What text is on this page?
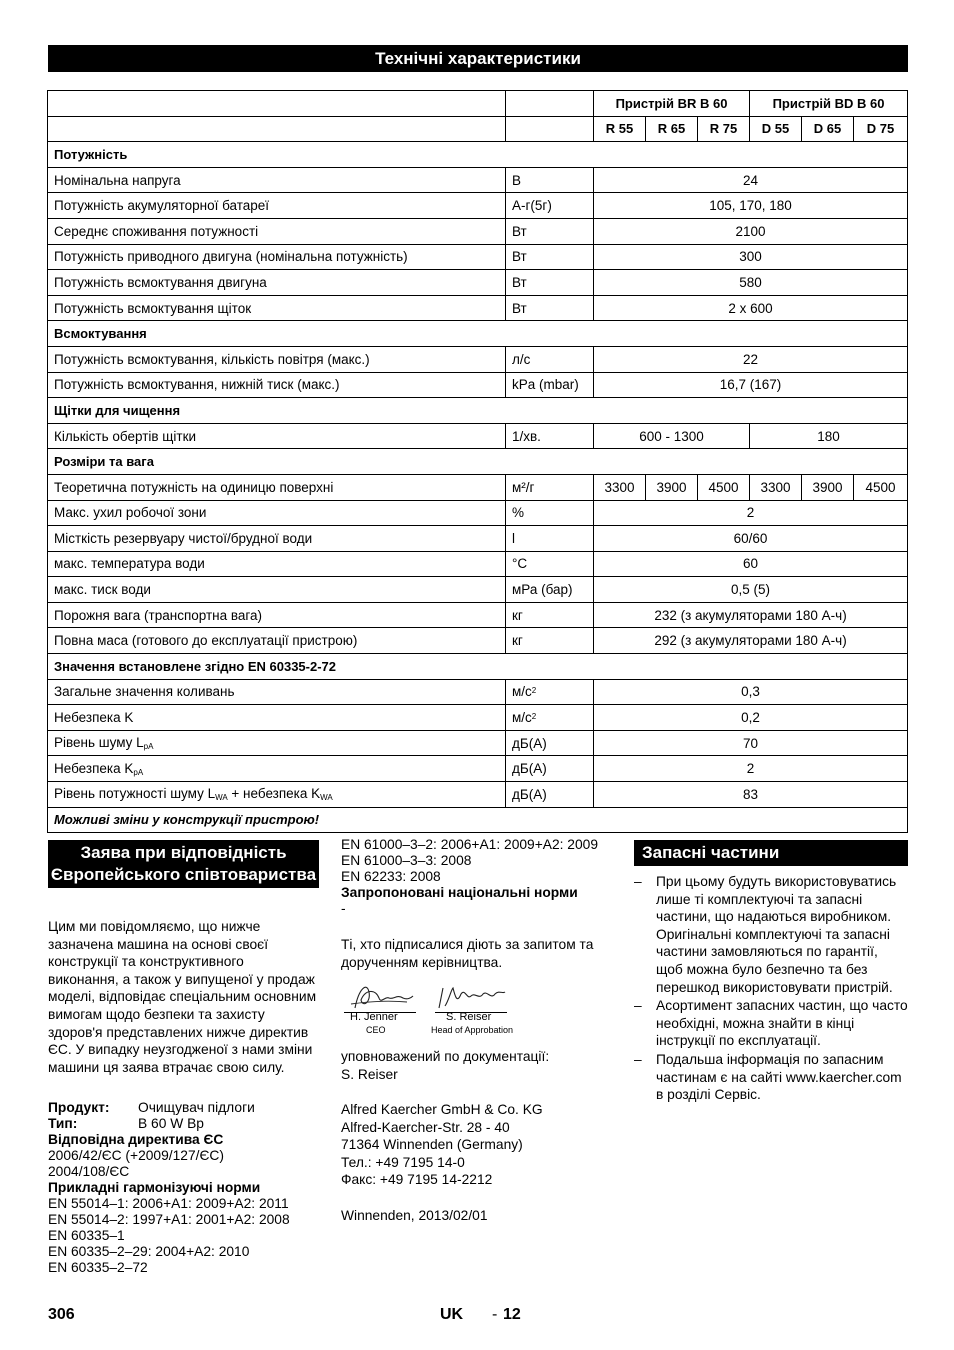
Технічні характеристики
		Пристрій BR B 60			Пристрій BD B 60		
		R 55	R 65	R 75	D 55	D 65	D 75
Потужність							
Номінальна напруга	В	24					
Потужність акумуляторної батареї	А-г(5г)	105, 170, 180					
Середнє споживання потужності	Вт	2100					
Потужність приводного двигуна (номінальна потужність)	Вт	300					
Потужність всмоктування двигуна	Вт	580					
Потужність всмоктування щіток	Вт	2 x 600					
Всмоктування							
Потужність всмоктування, кількість повітря (макс.)	л/с	22					
Потужність всмоктування, нижній тиск (макс.)	kPa (mbar)	16,7 (167)					
Щітки для чищення							
Кількість обертів щітки	1/хв.	600 - 1300			180		
Розміри та вага							
Теоретична потужність на одиницю поверхні	м²/г	3300	3900	4500	3300	3900	4500
Макс. ухил робочої зони	%	2					
Місткість резервуару чистої/брудної води	l	60/60					
макс. температура води	°C	60					
макс. тиск води	мРа (бар)	0,5 (5)					
Порожня вага (транспортна вага)	кг	232 (з акумуляторами 180 А-ч)					
Повна маса (готового до експлуатації пристрою)	кг	292 (з акумуляторами 180 А-ч)					
Значення встановлене згідно EN 60335-2-72							
Загальне значення коливань	$м/с^2$	0,3					
Небезпека K	$м/с^2$	0,2					
Рівень шуму $L_{pA}$	дБ(А)	70					
Небезпека $K_{pA}$	дБ(А)	2					
Рівень потужності шуму $L_{WA}$ + небезпека $K_{WA}$	дБ(А)	83					
Можливі зміни у конструкції пристрою!							
Заява при відповідність Європейського співтовариства
Цим ми повідомляємо, що нижче зазначена машина на основі своєї конструкції та конструктивного виконання, а також у випущеної у продаж моделі, відповідає спеціальним основним вимогам щодо безпеки та захисту здоров'я представлених нижче директив ЄС. У випадку неузгодженої з нами зміни машини ця заява втрачає свою силу.
Продукт:	Очищувач підлоги
Тип:	B 60 W Bp
Відповідна директива ЄС
2006/42/ЄС (+2009/127/ЄС)
2004/108/ЄС
Прикладні гармонізуючі норми
EN 55014–1: 2006+A1: 2009+A2: 2011
EN 55014–2: 1997+A1: 2001+A2: 2008
EN 60335–1
EN 60335–2–29: 2004+A2: 2010
EN 60335–2–72
EN 61000–3–2: 2006+A1: 2009+A2: 2009
EN 61000–3–3: 2008
EN 62233: 2008
Запропоновані національні норми
-
Ті, хто підписалися діють за запитом та дорученням керівництва.
H. Jenner
CEO
S. Reiser
Head of Approbation
уповноважений по документації:
S. Reiser
Alfred Kaercher GmbH & Co. KG
Alfred-Kaercher-Str. 28 - 40
71364 Winnenden (Germany)
Тел.: +49 7195 14-0
Факс: +49 7195 14-2212
Winnenden, 2013/02/01
Запасні частини
– При цьому будуть використовуватись лише ті комплектуючі та запасні частини, що надаються виробником. Оригінальні комплектуючі та запасні частини замовляються по гарантії, щоб можна було безпечно та без перешкод використовувати пристрій.
– Асортимент запасних частин, що часто необхідні, можна знайти в кінці інструкції по експлуатації.
– Подальша інформація по запасним частинам є на сайті www.kaercher.com в розділі Сервіс.
306	UK - 12
